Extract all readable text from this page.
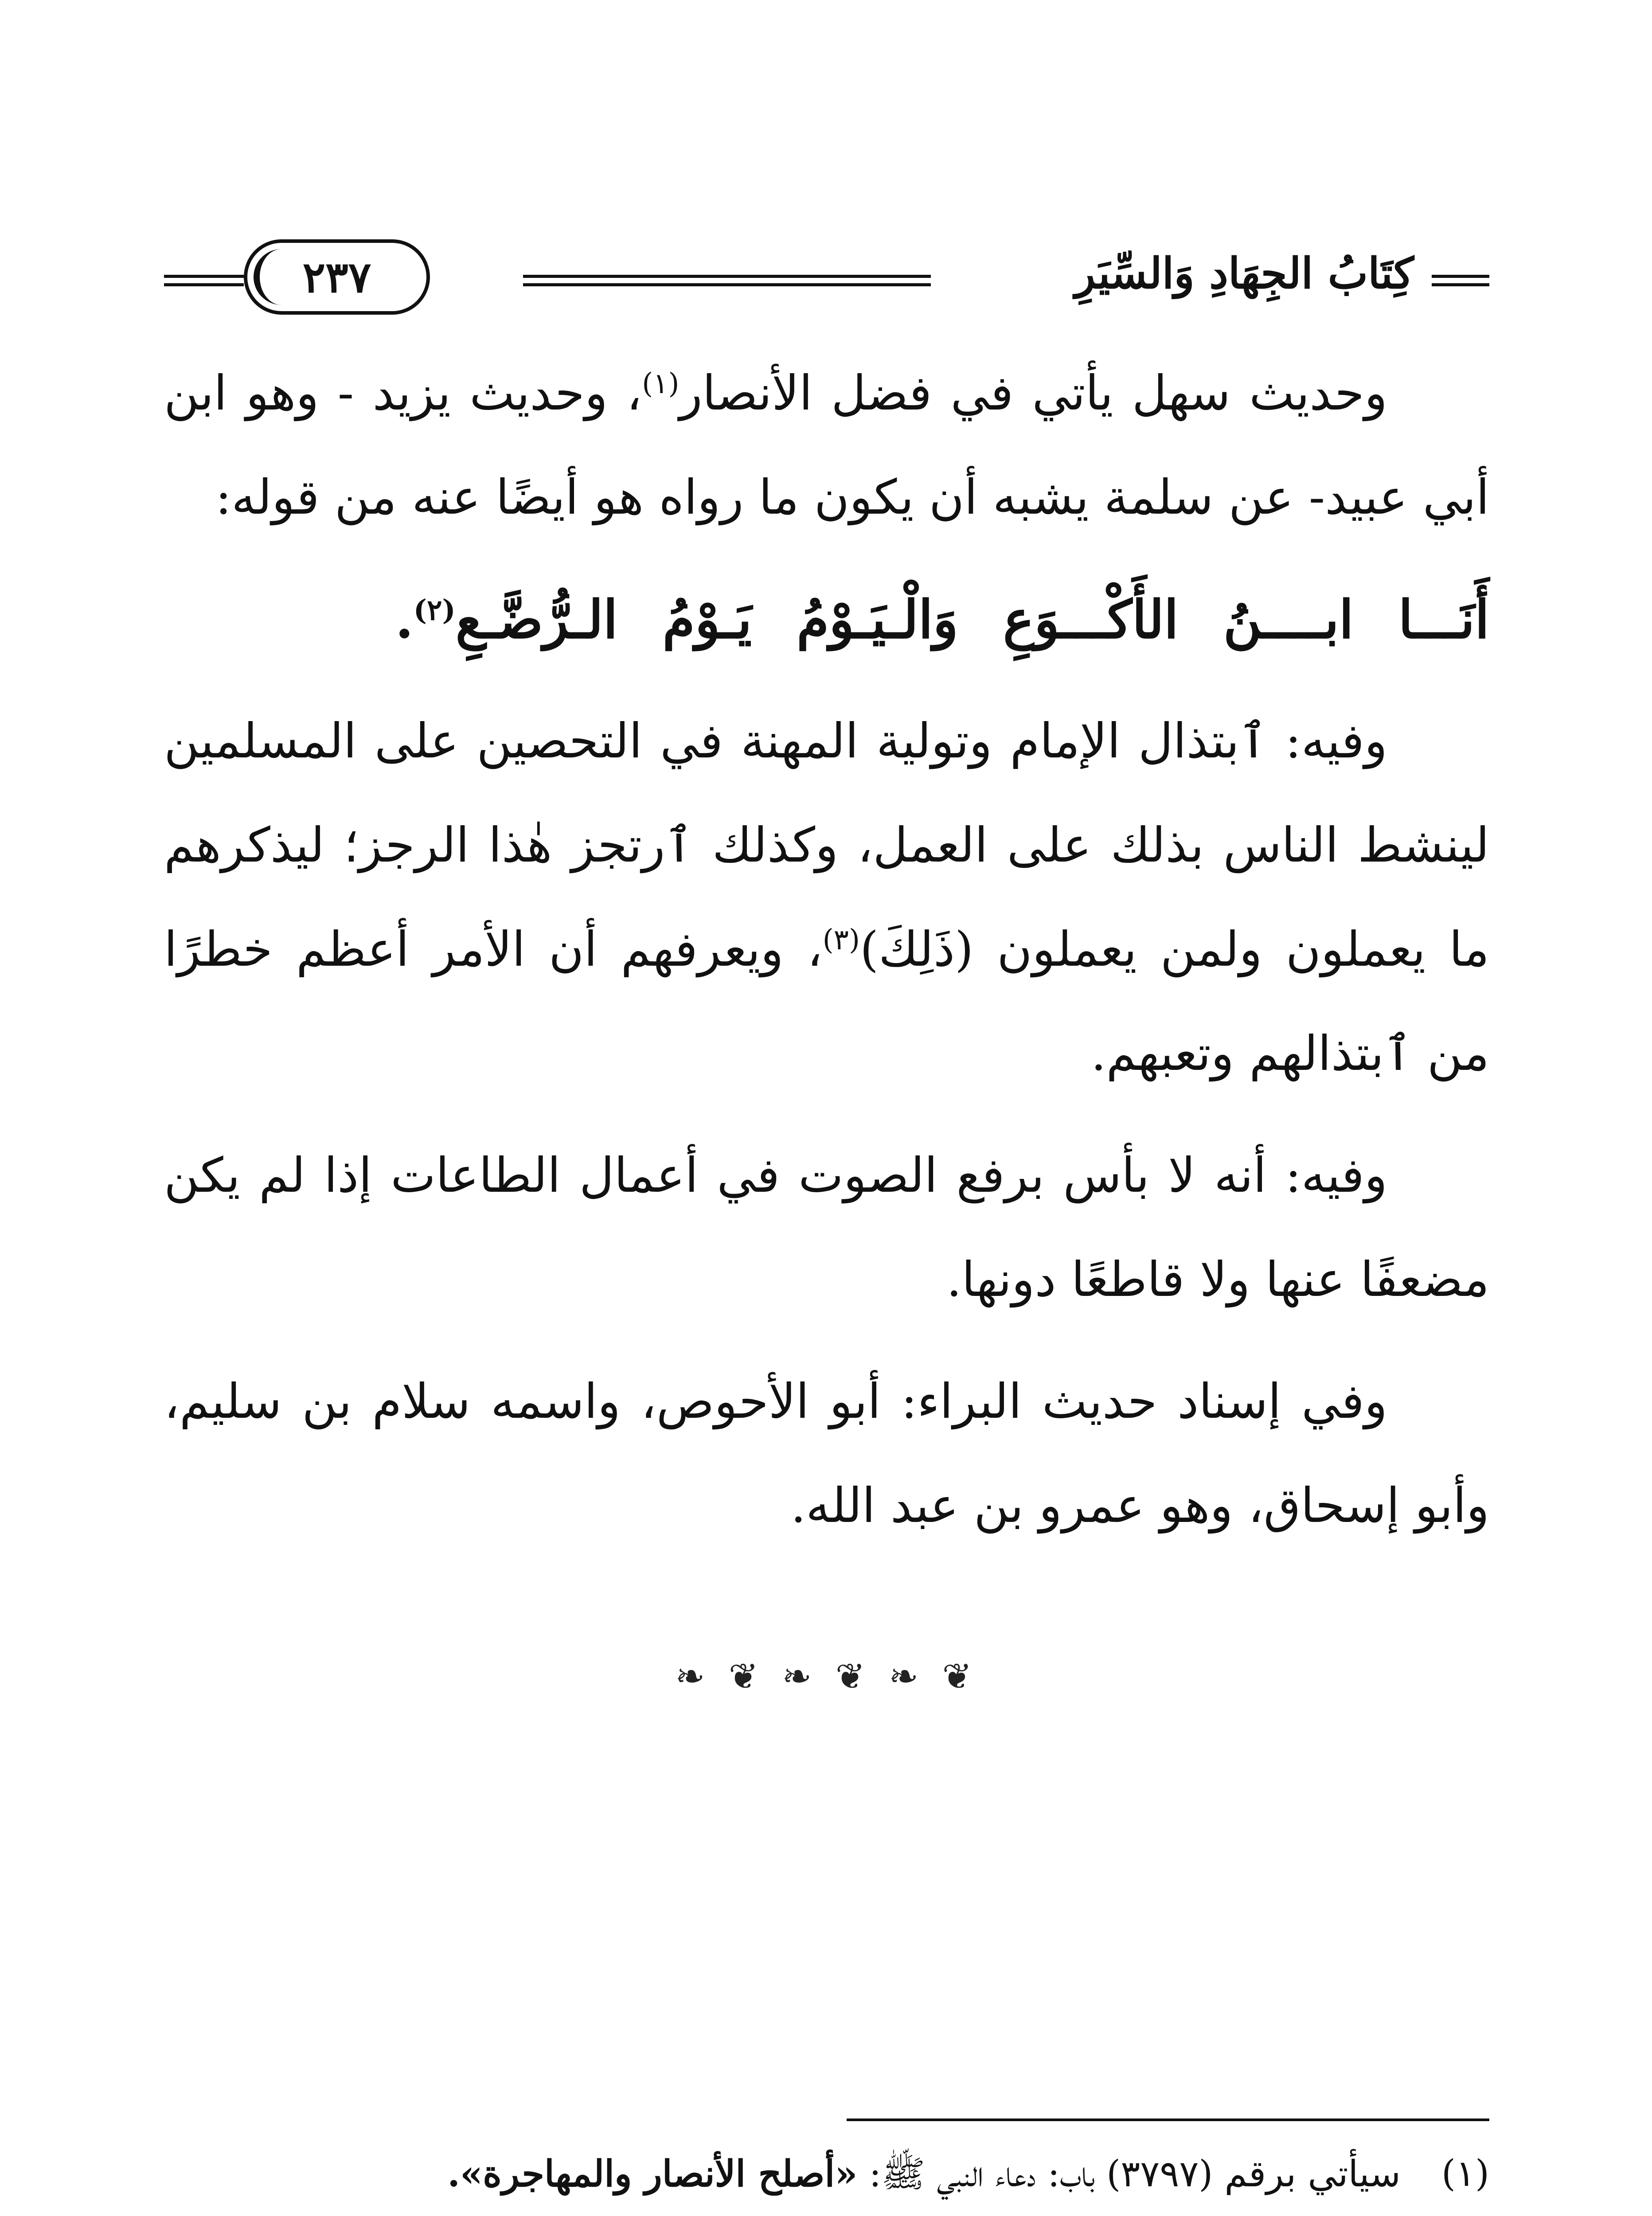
كِتَابُ الجِهَادِ وَالسِّيَرِ
٢٣٧

وحديث سهل يأتي في فضل الأنصار$^{(١)}$، وحديث يزيد - وهو ابن أبي عبيد- عن سلمة يشبه أن يكون ما رواه هو أيضًا عنه من قوله:

أَنَـــا ابــــنُ الأَكْـــوَعِ وَالْـيَـوْمُ يَـوْمُ الـرُّضَّـعِ$^{(٢)}$.

وفيه: ٱبتذال الإمام وتولية المهنة في التحصين على المسلمين لينشط الناس بذلك على العمل، وكذلك ٱرتجز هٰذا الرجز؛ ليذكرهم ما يعملون ولمن يعملون (ذَلِكَ)$^{(٣)}$، ويعرفهم أن الأمر أعظم خطرًا من ٱبتذالهم وتعبهم.

وفيه: أنه لا بأس برفع الصوت في أعمال الطاعات إذا لم يكن مضعفًا عنها ولا قاطعًا دونها.

وفي إسناد حديث البراء: أبو الأحوص، واسمه سلام بن سليم، وأبو إسحاق، وهو عمرو بن عبد الله.

❦ ❧ ❦ ❧ ❦ ❧
(١)
سيأتي برقم (٣٧٩٧) باب: دعاء النبي ﷺ: «أصلح الأنصار والمهاجرة».
